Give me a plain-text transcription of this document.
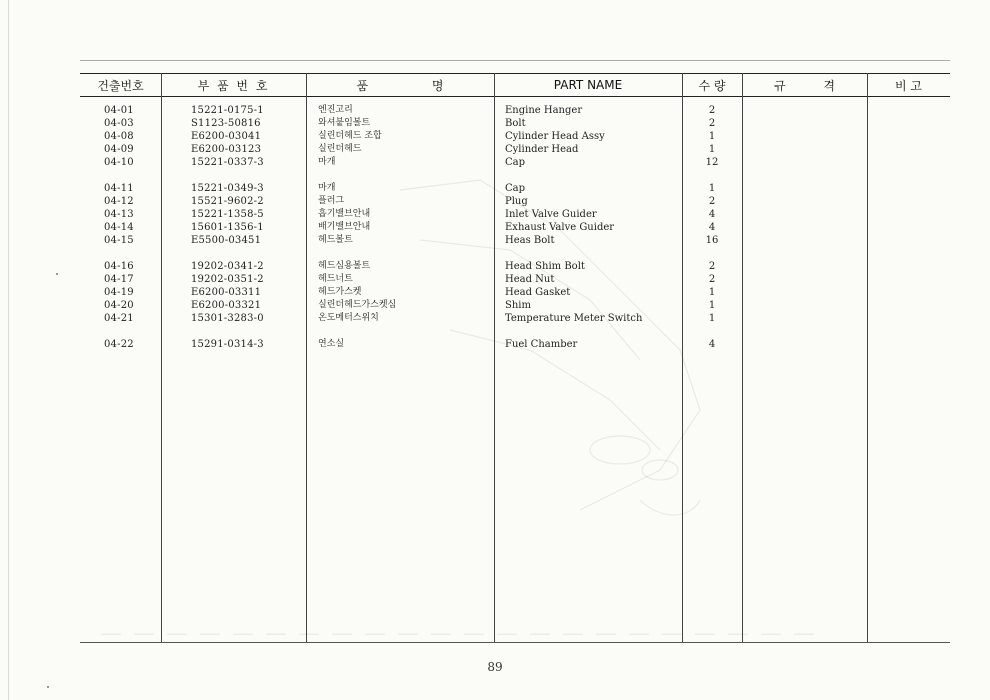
건출번호	부 품 번 호	품 명	PART NAME	수 량	규 격	비 고
04-01	15221-0175-1	엔진고리	Engine Hanger	2
04-03	S1123-50816	와셔붙임볼트	Bolt	2
04-08	E6200-03041	실린더헤드 조합	Cylinder Head Assy	1
04-09	E6200-03123	실린더헤드	Cylinder Head	1
04-10	15221-0337-3	마개	Cap	12
04-11	15221-0349-3	마개	Cap	1
04-12	15521-9602-2	플러그	Plug	2
04-13	15221-1358-5	흡기밸브안내	Inlet Valve Guider	4
04-14	15601-1356-1	배기밸브안내	Exhaust Valve Guider	4
04-15	E5500-03451	헤드볼트	Heas Bolt	16
04-16	19202-0341-2	헤드심용볼트	Head Shim Bolt	2
04-17	19202-0351-2	헤드너트	Head Nut	2
04-19	E6200-03311	헤드가스켓	Head Gasket	1
04-20	E6200-03321	실린더헤드가스켓심	Shim	1
04-21	15301-3283-0	온도메터스위치	Temperature Meter Switch	1
04-22	15291-0314-3	연소실	Fuel Chamber	4
— — — — — — — — — — — — — — — — — — — — — —
89
